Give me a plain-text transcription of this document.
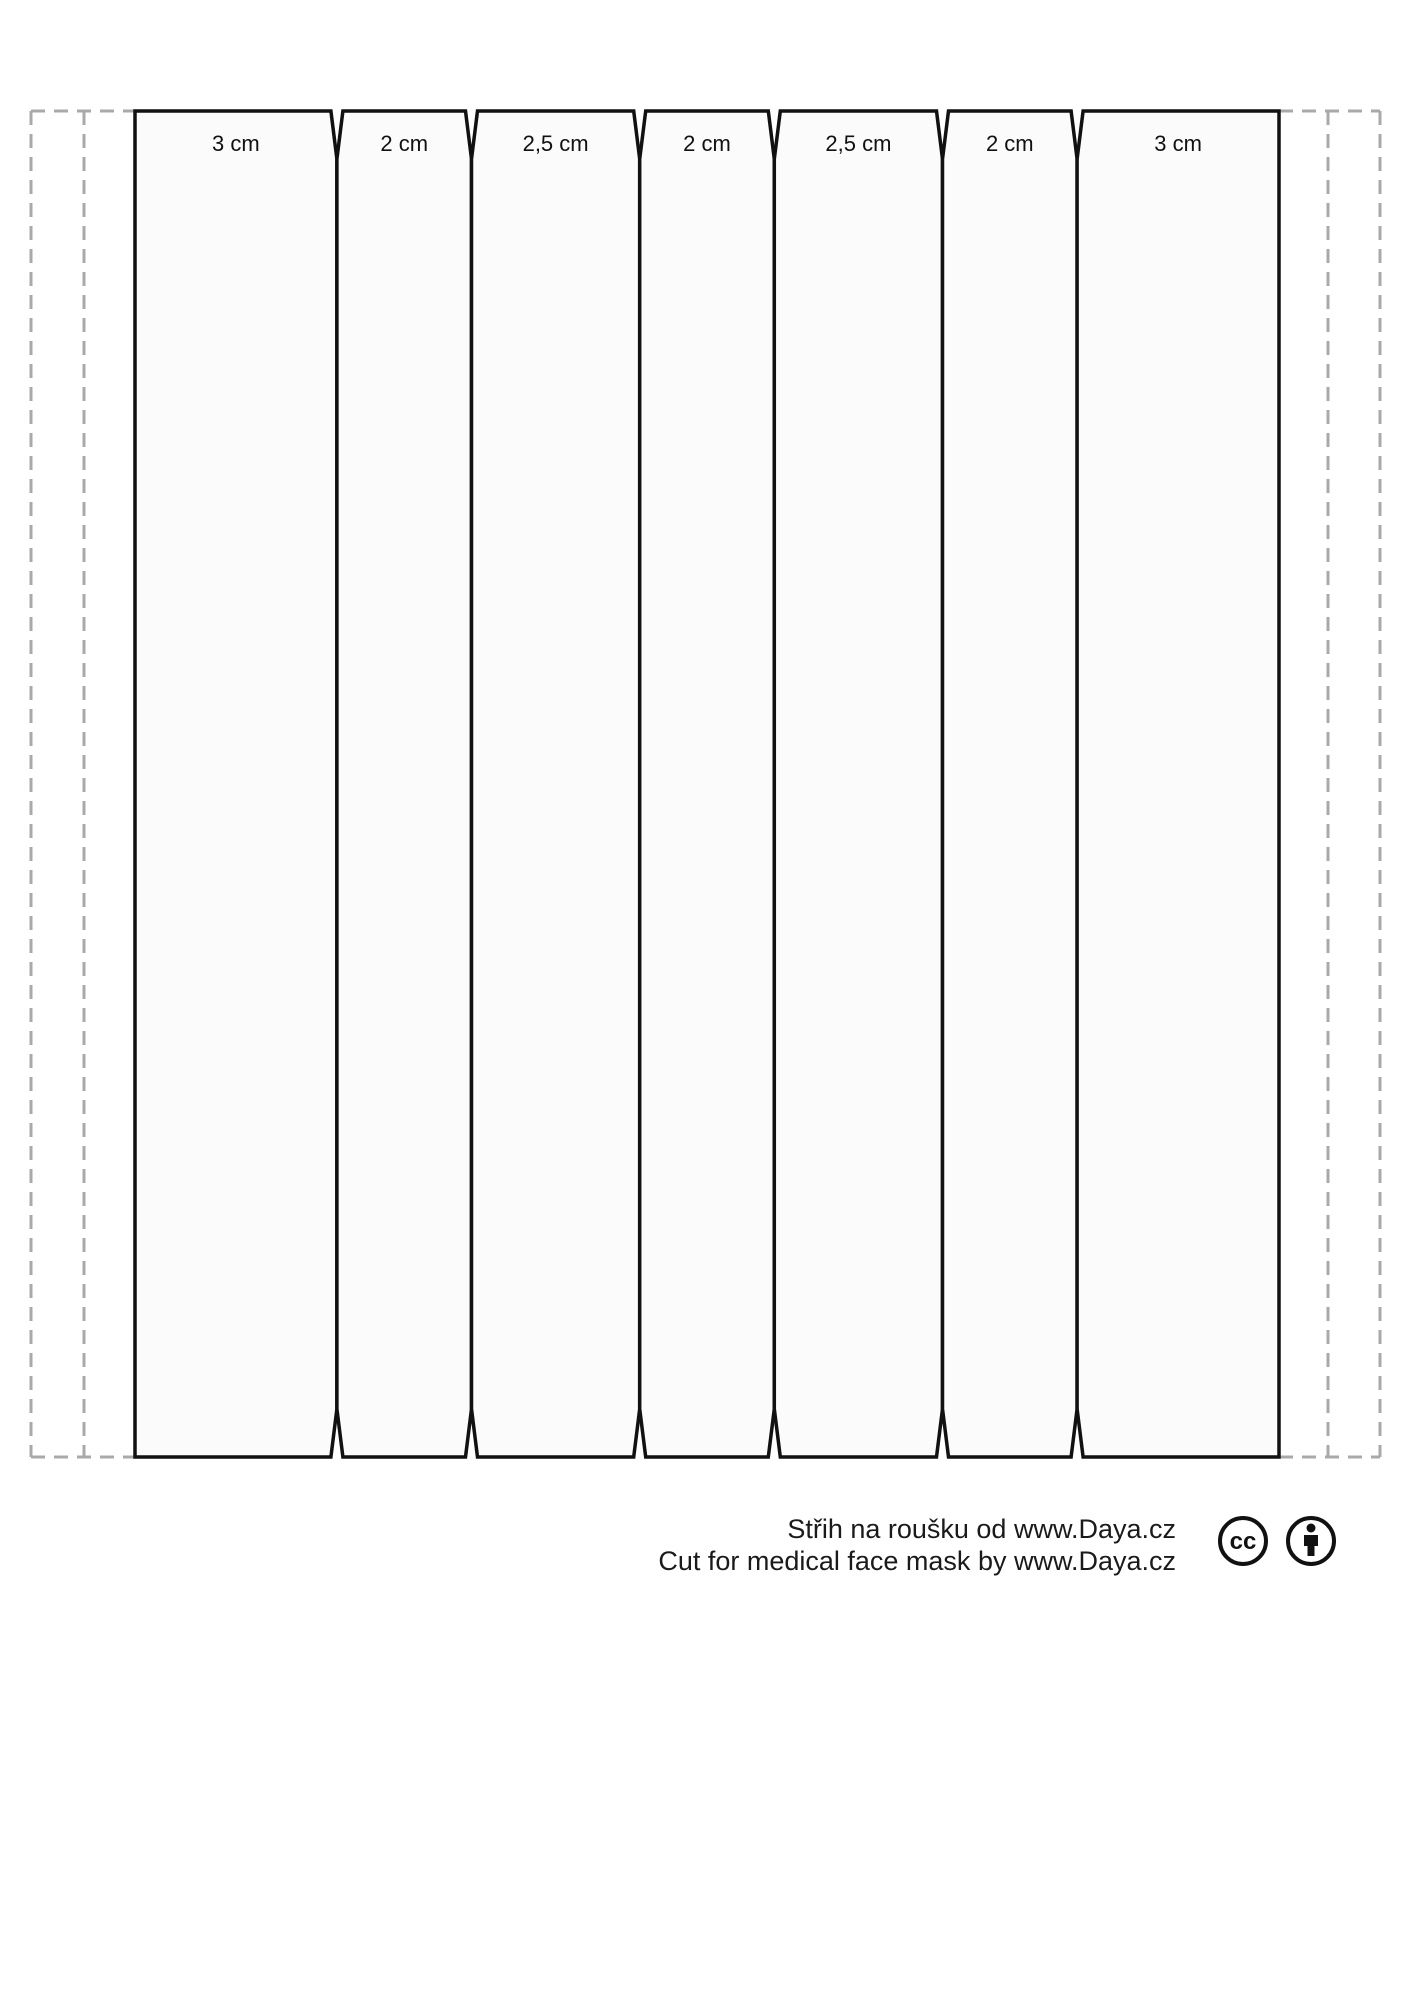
3 cm	2 cm	2,5 cm	2 cm	2,5 cm	2 cm	3 cm
Střih na roušku od www.Daya.cz
Cut for medical face mask by www.Daya.cz
cc
